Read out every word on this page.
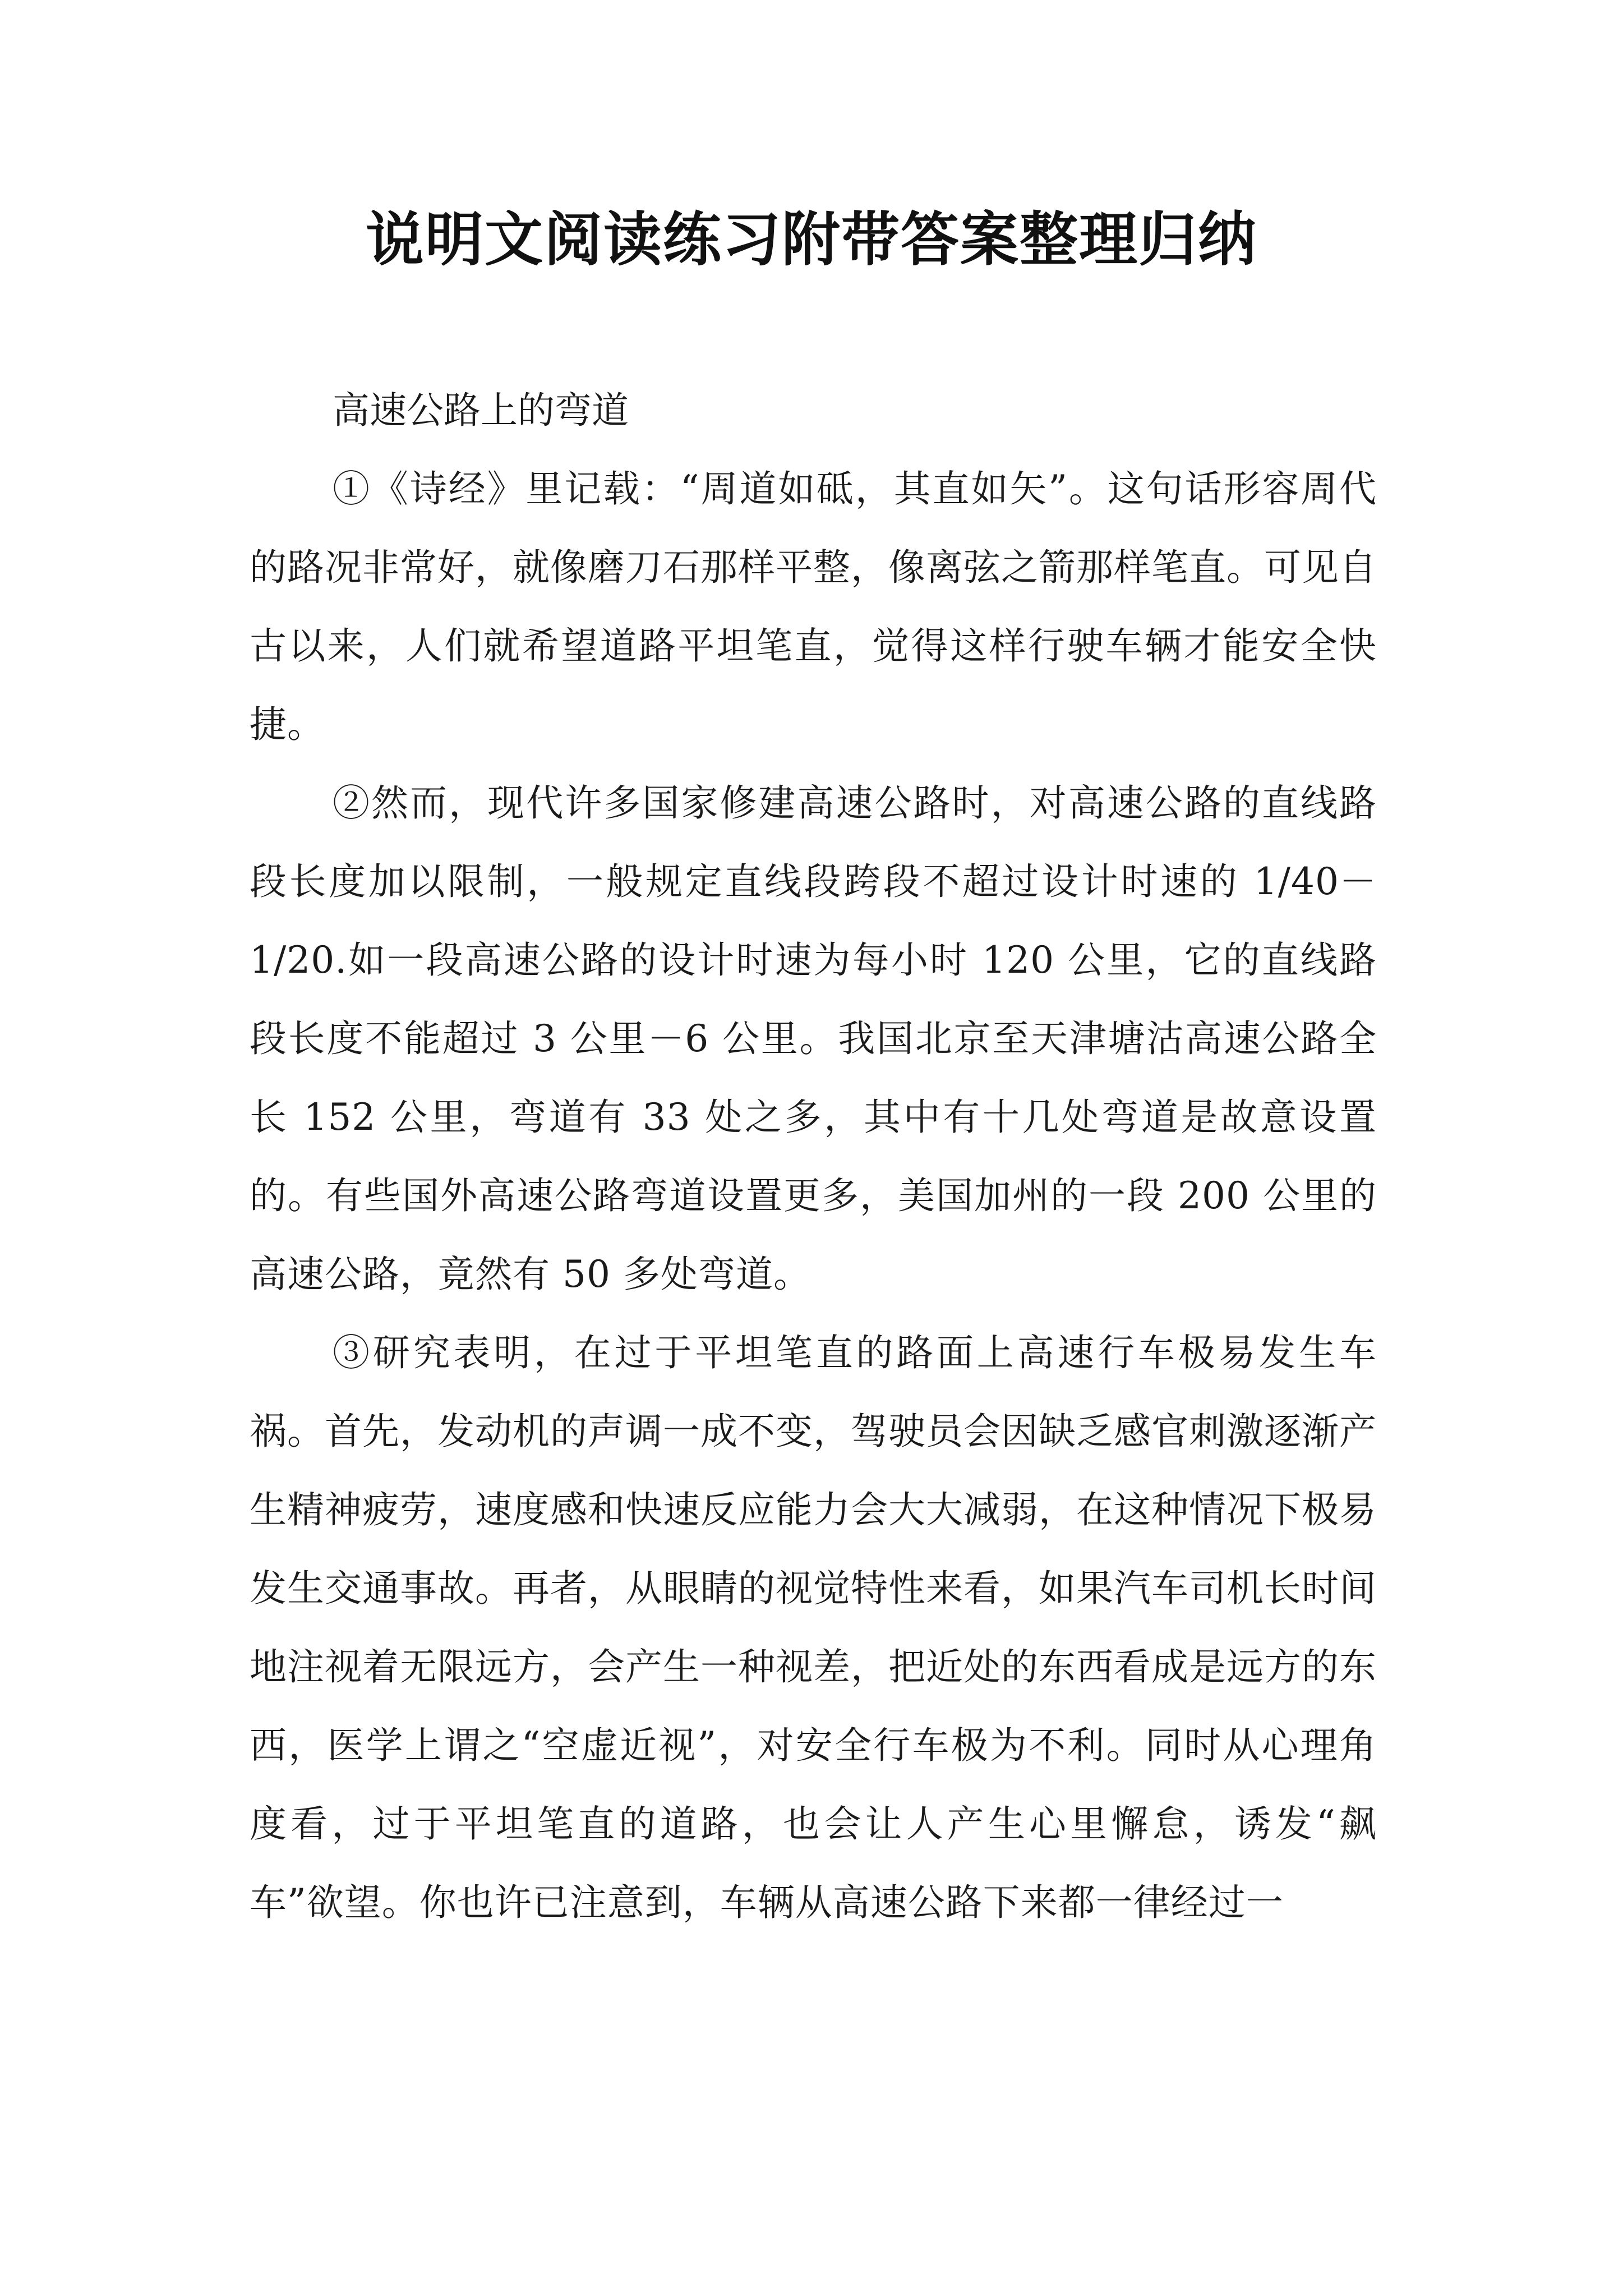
说明文阅读练习附带答案整理归纳

高速公路上的弯道

①《诗经》里记载：“周道如砥，其直如矢”。这句话形容周代的路况非常好，就像磨刀石那样平整，像离弦之箭那样笔直。可见自古以来，人们就希望道路平坦笔直，觉得这样行驶车辆才能安全快捷。

②然而，现代许多国家修建高速公路时，对高速公路的直线路段长度加以限制，一般规定直线段跨段不超过设计时速的 1/40－1/20.如一段高速公路的设计时速为每小时 120 公里，它的直线路段长度不能超过 3 公里－6 公里。我国北京至天津塘沽高速公路全长 152 公里，弯道有 33 处之多，其中有十几处弯道是故意设置的。有些国外高速公路弯道设置更多，美国加州的一段 200 公里的高速公路，竟然有 50 多处弯道。

③研究表明，在过于平坦笔直的路面上高速行车极易发生车祸。首先，发动机的声调一成不变，驾驶员会因缺乏感官刺激逐渐产生精神疲劳，速度感和快速反应能力会大大减弱，在这种情况下极易发生交通事故。再者，从眼睛的视觉特性来看，如果汽车司机长时间地注视着无限远方，会产生一种视差，把近处的东西看成是远方的东西，医学上谓之“空虚近视”，对安全行车极为不利。同时从心理角度看，过于平坦笔直的道路，也会让人产生心里懈怠，诱发“飙车”欲望。你也许已注意到，车辆从高速公路下来都一律经过一
